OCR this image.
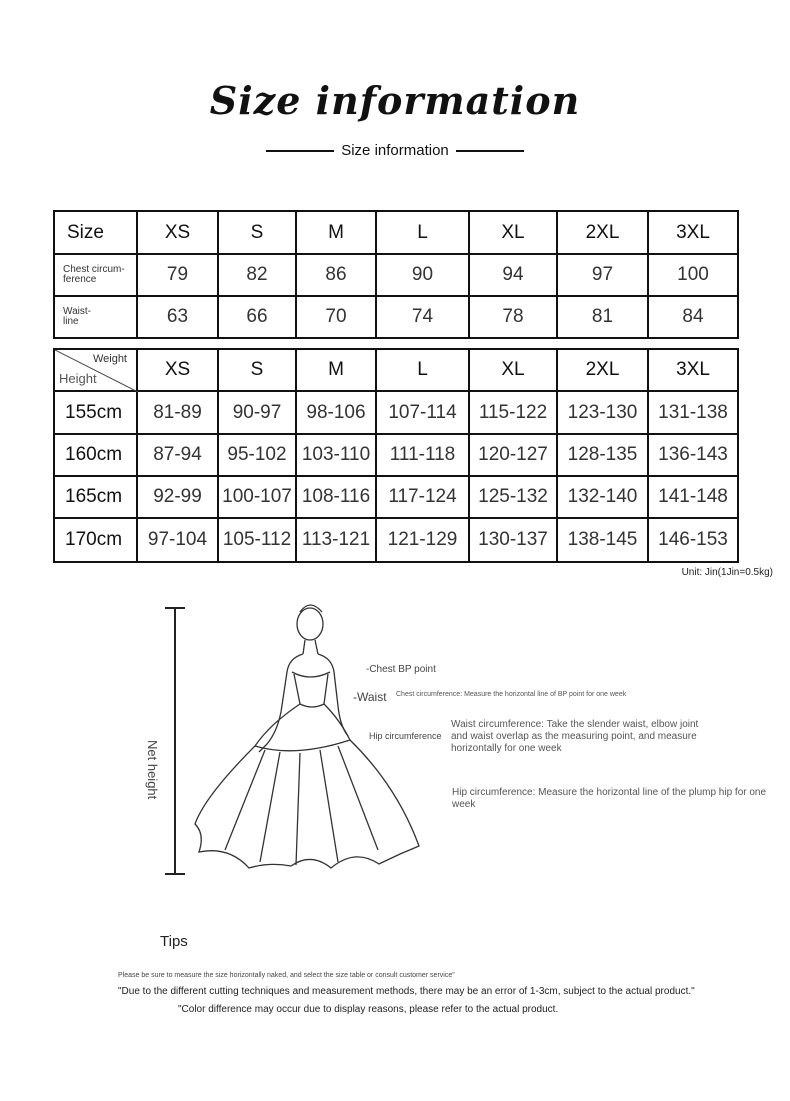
Size information
Size information
Size	XS	S	M	L	XL	2XL	3XL
Chest circum-
ference	79	82	86	90	94	97	100
Waist-
line	63	66	70	74	78	81	84
Weight
Height	XS	S	M	L	XL	2XL	3XL
155cm	81-89	90-97	98-106	107-114	115-122	123-130	131-138
160cm	87-94	95-102	103-110	111-118	120-127	128-135	136-143
165cm	92-99	100-107	108-116	117-124	125-132	132-140	141-148
170cm	97-104	105-112	113-121	121-129	130-137	138-145	146-153
Unit: Jin(1Jin=0.5kg)
Net height
-Chest BP point
-Waist
Hip circumference
Chest circumference: Measure the horizontal line of BP point for one week
Waist circumference: Take the slender waist, elbow joint and waist overlap as the measuring point, and measure horizontally for one week
Hip circumference: Measure the horizontal line of the plump hip for one week
Tips
Please be sure to measure the size horizontally naked, and select the size table or consult customer service"
"Due to the different cutting techniques and measurement methods, there may be an error of 1-3cm, subject to the actual product."
"Color difference may occur due to display reasons, please refer to the actual product.
